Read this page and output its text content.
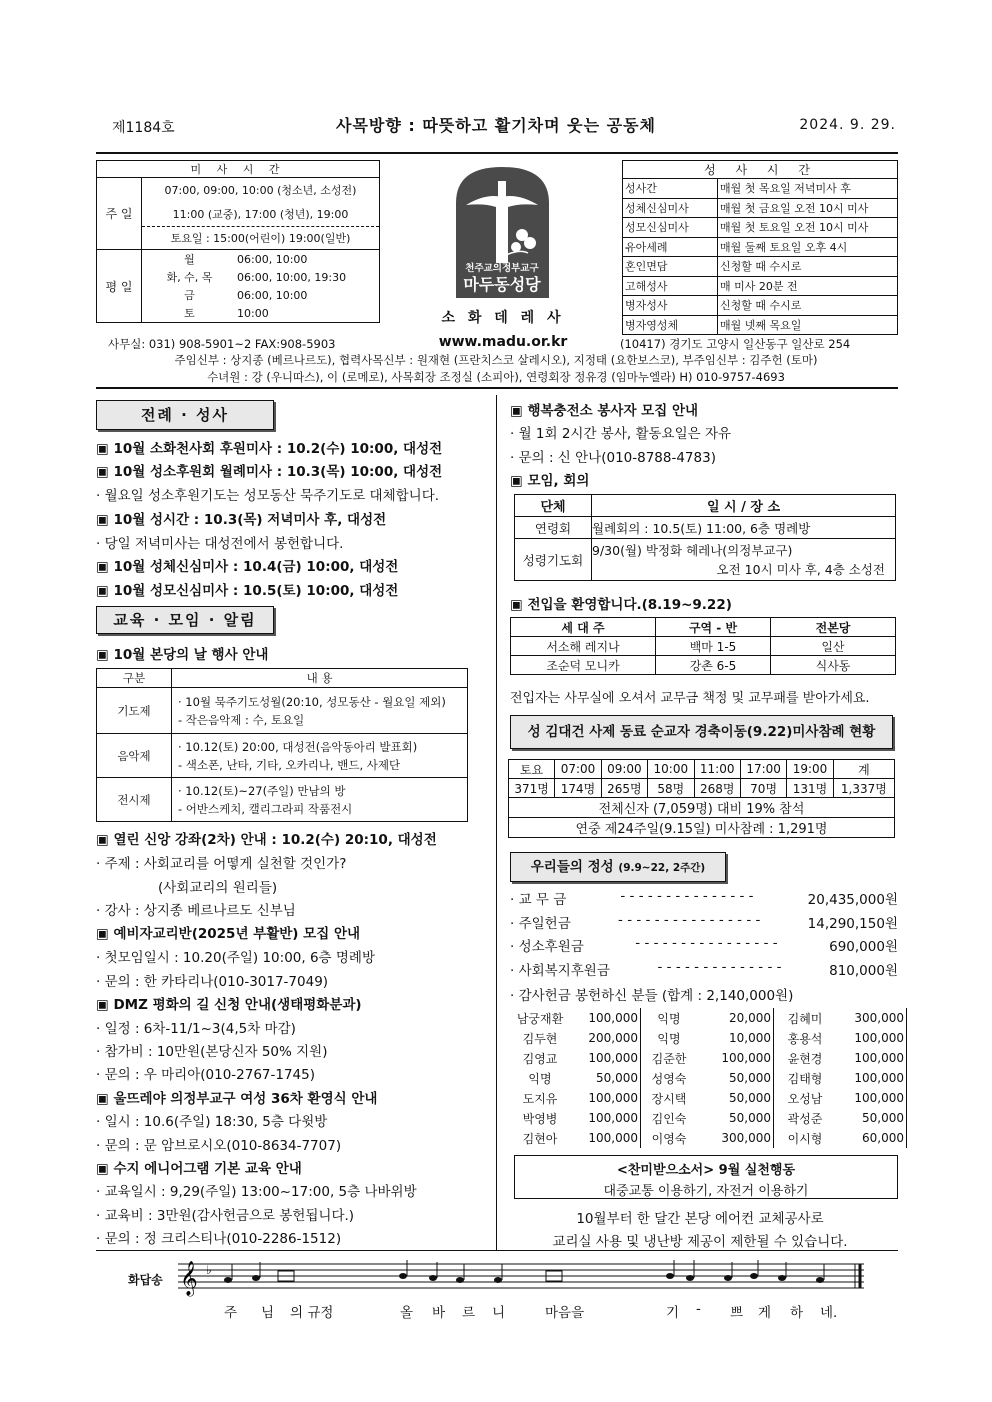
제1184호	사목방향 : 따뜻하고 활기차며 웃는 공동체	2024. 9. 29.
미 사 시 간	
주 일	07:00, 09:00, 10:00 (청소년, 소성전)
	11:00 (교중), 17:00 (청년), 19:00
	토요일 : 15:00(어린이) 19:00(일반)
평 일	월 06:00, 10:00
	화, 수, 목 06:00, 10:00, 19:30
	금 06:00, 10:00
	토 10:00
천주교의정부교구
마두동성당
소 화 데 레 사
www.madu.or.kr
성 사 시 간	
성사간	매월 첫 목요일 저녁미사 후
성체신심미사	매월 첫 금요일 오전 10시 미사
성모신심미사	매월 첫 토요일 오전 10시 미사
유아세례	매월 둘째 토요일 오후 4시
혼인면담	신청할 때 수시로
고해성사	매 미사 20분 전
병자성사	신청할 때 수시로
병자영성체	매월 넷째 목요일
사무실: 031) 908-5901~2 FAX:908-5903	(10417) 경기도 고양시 일산동구 일산로 254
주임신부 : 상지종 (베르나르도), 협력사목신부 : 원재현 (프란치스코 살레시오), 지정태 (요한보스코), 부주임신부 : 김주헌 (토마)
수녀원 : 강 (우니따스), 이 (로메로), 사목회장 조정실 (소피아), 연령회장 정유경 (임마누엘라) H) 010-9757-4693
전례 · 성사
▣ 10월 소화천사회 후원미사 : 10.2(수) 10:00, 대성전
▣ 10월 성소후원회 월례미사 : 10.3(목) 10:00, 대성전
· 월요일 성소후원기도는 성모동산 묵주기도로 대체합니다.
▣ 10월 성시간 : 10.3(목) 저녁미사 후, 대성전
· 당일 저녁미사는 대성전에서 봉헌합니다.
▣ 10월 성체신심미사 : 10.4(금) 10:00, 대성전
▣ 10월 성모신심미사 : 10.5(토) 10:00, 대성전
교육 · 모임 · 알림
▣ 10월 본당의 날 행사 안내
구분	내 용
기도제	· 10월 묵주기도성월(20:10, 성모동산 - 월요일 제외)
- 작은음악제 : 수, 토요일

음악제	· 10.12(토) 20:00, 대성전(음악동아리 발표회)
- 색소폰, 난타, 기타, 오카리나, 밴드, 사제단

전시제	· 10.12(토)~27(주일) 만남의 방
- 어반스케치, 캘리그라피 작품전시
▣ 열린 신앙 강좌(2차) 안내 : 10.2(수) 20:10, 대성전
· 주제 : 사회교리를 어떻게 실천할 것인가?
(사회교리의 원리들)
· 강사 : 상지종 베르나르도 신부님
▣ 예비자교리반(2025년 부활반) 모집 안내
· 첫모임일시 : 10.20(주일) 10:00, 6층 명례방
· 문의 : 한 카타리나(010-3017-7049)
▣ DMZ 평화의 길 신청 안내(생태평화분과)
· 일정 : 6차-11/1~3(4,5차 마감)
· 참가비 : 10만원(본당신자 50% 지원)
· 문의 : 우 마리아(010-2767-1745)
▣ 울뜨레야 의정부교구 여성 36차 환영식 안내
· 일시 : 10.6(주일) 18:30, 5층 다윗방
· 문의 : 문 암브로시오(010-8634-7707)
▣ 수지 에니어그램 기본 교육 안내
· 교육일시 : 9,29(주일) 13:00~17:00, 5층 나바위방
· 교육비 : 3만원(감사헌금으로 봉헌됩니다.)
· 문의 : 정 크리스티나(010-2286-1512)
▣ 행복충전소 봉사자 모집 안내
· 월 1회 2시간 봉사, 활동요일은 자유
· 문의 : 신 안나(010-8788-4783)
▣ 모임, 회의
단체	일 시 / 장 소
연령회	월례회의 : 10.5(토) 11:00, 6층 명례방
성령기도회	9/30(월) 박정화 헤레나(의정부교구)
오전 10시 미사 후, 4층 소성전
▣ 전입을 환영합니다.(8.19~9.22)
세 대 주	구역 - 반	전본당
서소해 레지나	백마 1-5	일산
조순덕 모니카	강촌 6-5	식사동
전입자는 사무실에 오셔서 교무금 책정 및 교무패를 받아가세요.
성 김대건 사제 동료 순교자 경축이동(9.22)미사참례 현황
토요	07:00	09:00	10:00	11:00	17:00	19:00	계
371명	174명	265명	58명	268명	70명	131명	1,337명
전체신자 (7,059명) 대비 19% 참석							
연중 제24주일(9.15일) 미사참례 : 1,291명							
우리들의 정성 (9.9~22, 2주간)
· 교 무 금	- - - - - - - - - - - - - - -	20,435,000원
· 주일헌금	- - - - - - - - - - - - - - - -	14,290,150원
· 성소후원금	- - - - - - - - - - - - - - - -	690,000원
· 사회복지후원금	- - - - - - - - - - - - - -	810,000원
· 감사헌금 봉헌하신 분들 (합계 : 2,140,000원)
남궁재환	100,000	익명	20,000	김혜미	300,000
김두현	200,000	익명	10,000	홍용석	100,000
김영교	100,000	김준한	100,000	윤현경	100,000
익명	50,000	성영숙	50,000	김태형	100,000
도지유	100,000	장시택	50,000	오성남	100,000
박영병	100,000	김인숙	50,000	곽성준	50,000
김현아	100,000	이영숙	300,000	이시형	60,000
<찬미받으소서> 9월 실천행동
대중교통 이용하기, 자전거 이용하기
10월부터 한 달간 본당 에어컨 교체공사로
교리실 사용 및 냉난방 제공이 제한될 수 있습니다.
화답송 𝄞 ♭
주 님 의 규정	올 바 르 니	마음을	기 - 쁘 게 하 네.
